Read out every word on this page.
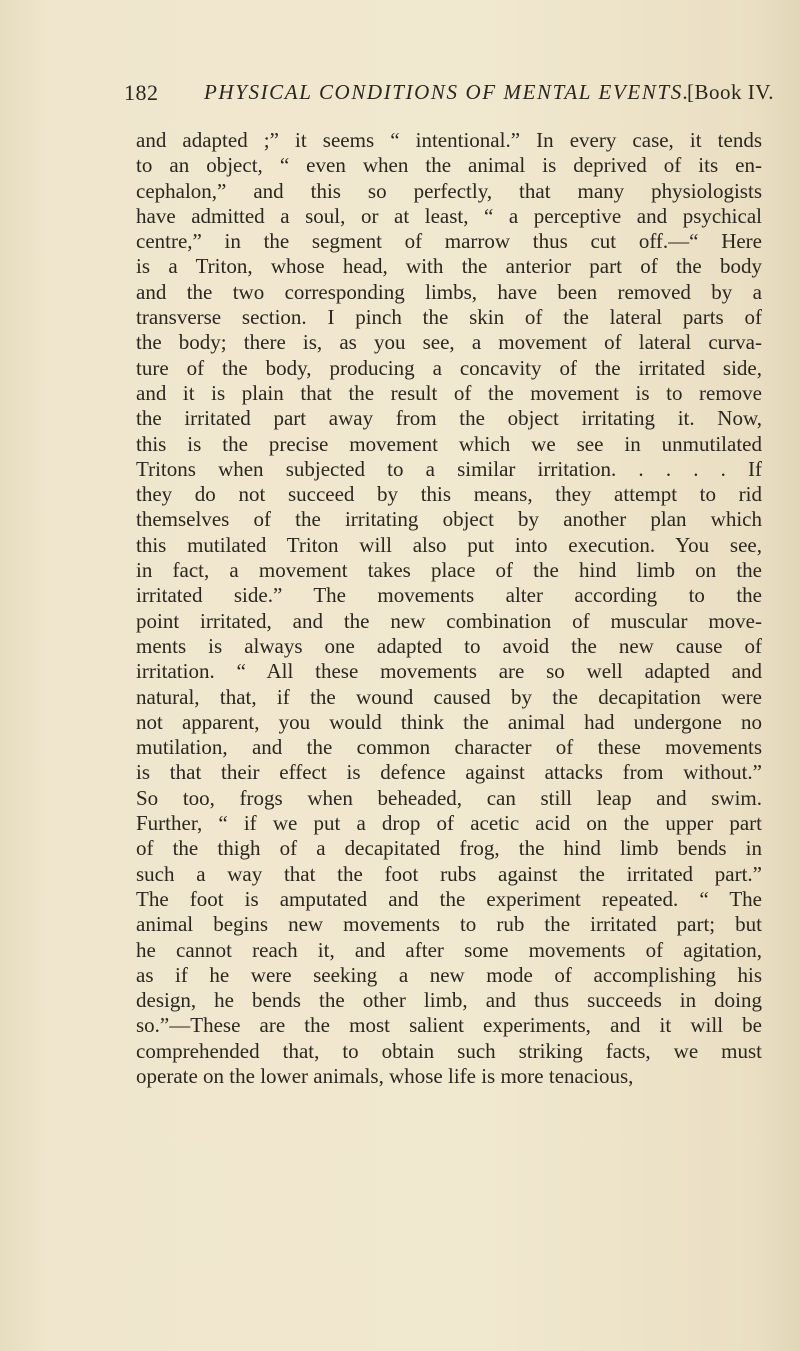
182 PHYSICAL CONDITIONS OF MENTAL EVENTS.
[Book IV.
and adapted ;” it seems “ intentional.” In every case, it tends
to an object, “ even when the animal is deprived of its en-
cephalon,” and this so perfectly, that many physiologists
have admitted a soul, or at least, “ a perceptive and psychical
centre,” in the segment of marrow thus cut off.—“ Here
is a Triton, whose head, with the anterior part of the body
and the two corresponding limbs, have been removed by a
transverse section. I pinch the skin of the lateral parts of
the body; there is, as you see, a movement of lateral curva-
ture of the body, producing a concavity of the irritated side,
and it is plain that the result of the movement is to remove
the irritated part away from the object irritating it. Now,
this is the precise movement which we see in unmutilated
Tritons when subjected to a similar irritation. . . . . If
they do not succeed by this means, they attempt to rid
themselves of the irritating object by another plan which
this mutilated Triton will also put into execution. You see,
in fact, a movement takes place of the hind limb on the
irritated side.” The movements alter according to the
point irritated, and the new combination of muscular move-
ments is always one adapted to avoid the new cause of
irritation. “ All these movements are so well adapted and
natural, that, if the wound caused by the decapitation were
not apparent, you would think the animal had undergone no
mutilation, and the common character of these movements
is that their effect is defence against attacks from without.”
So too, frogs when beheaded, can still leap and swim.
Further, “ if we put a drop of acetic acid on the upper part
of the thigh of a decapitated frog, the hind limb bends in
such a way that the foot rubs against the irritated part.”
The foot is amputated and the experiment repeated. “ The
animal begins new movements to rub the irritated part; but
he cannot reach it, and after some movements of agitation,
as if he were seeking a new mode of accomplishing his
design, he bends the other limb, and thus succeeds in doing
so.”—These are the most salient experiments, and it will be
comprehended that, to obtain such striking facts, we must
operate on the lower animals, whose life is more tenacious,
